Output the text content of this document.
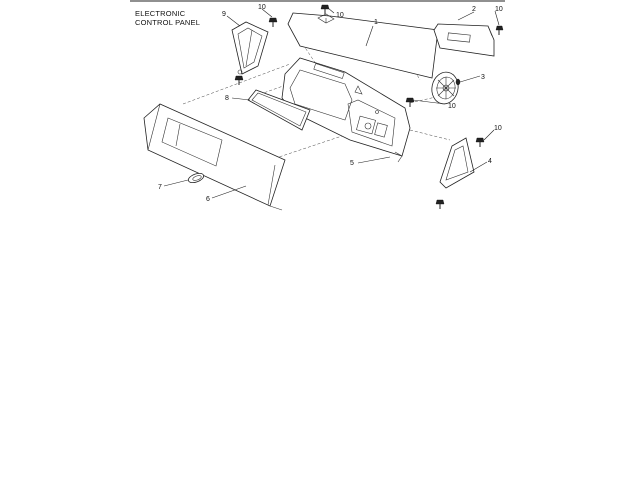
ELECTRONIC
CONTROL PANEL	1
2
3
4
5
6
7
8
9
10
10
10
10
10
